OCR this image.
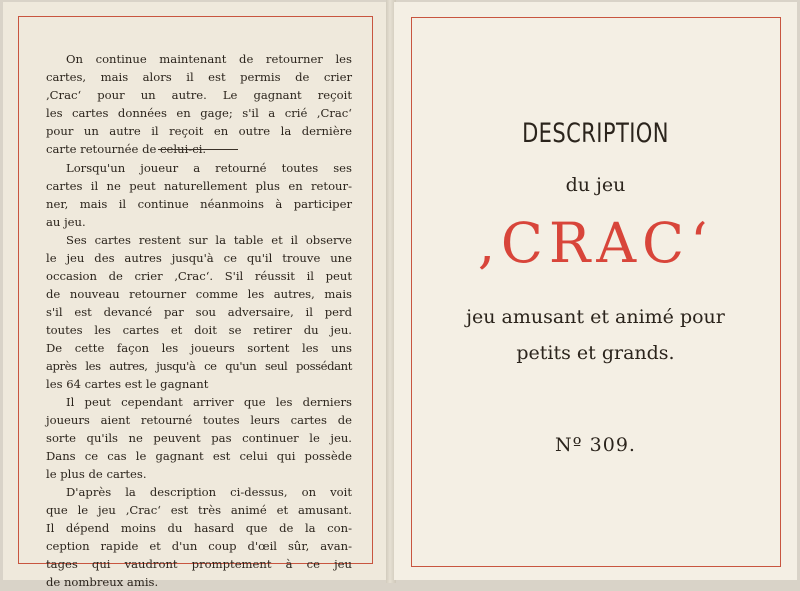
On continue maintenant de retourner les
cartes, mais alors il est permis de crier
‚Crac‘ pour un autre. Le gagnant reçoit
les cartes données en gage; s'il a crié ‚Crac‘
pour un autre il reçoit en outre la dernière
carte retournée de celui-ci.
Lorsqu'un joueur a retourné toutes ses
cartes il ne peut naturellement plus en retour-
ner, mais il continue néanmoins à participer
au jeu.
Ses cartes restent sur la table et il observe
le jeu des autres jusqu'à ce qu'il trouve une
occasion de crier ‚Crac‘. S'il réussit il peut
de nouveau retourner comme les autres, mais
s'il est devancé par sou adversaire, il perd
toutes les cartes et doit se retirer du jeu.
De cette façon les joueurs sortent les uns
après les autres, jusqu'à ce qu'un seul possédant
les 64 cartes est le gagnant
Il peut cependant arriver que les derniers
joueurs aient retourné toutes leurs cartes de
sorte qu'ils ne peuvent pas continuer le jeu.
Dans ce cas le gagnant est celui qui possède
le plus de cartes.
D'après la description ci-dessus, on voit
que le jeu ‚Crac‘ est très animé et amusant.
Il dépend moins du hasard que de la con-
ception rapide et d'un coup d'œil sûr, avan-
tages qui vaudront promptement à ce jeu
de nombreux amis.
DESCRIPTION
du jeu
‚CRAC‘
jeu amusant et animé pour
petits et grands.
Nº 309.
